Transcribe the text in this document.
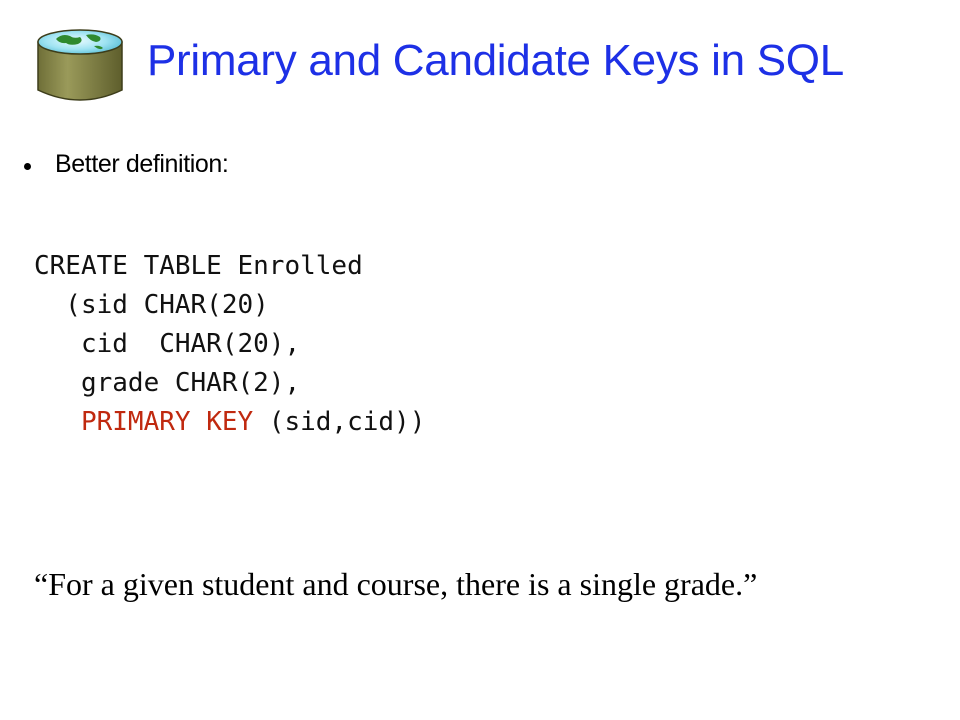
Primary and Candidate Keys in SQL
Better definition:
CREATE TABLE Enrolled
(sid CHAR(20)
cid  CHAR(20),
grade CHAR(2),
PRIMARY KEY (sid,cid))
“For a given student and course, there is a single grade.”
